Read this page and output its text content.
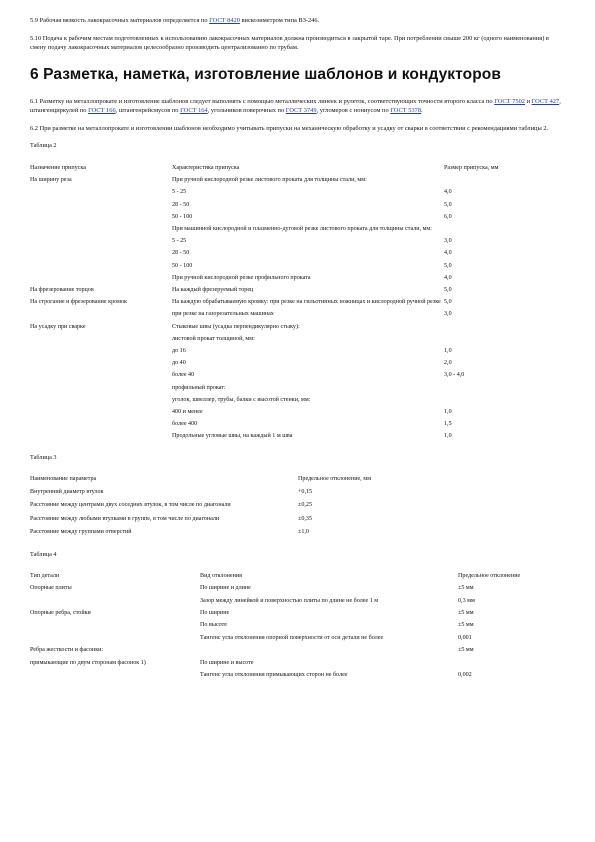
5.9 Рабочая вязкость лакокрасочных материалов определяется по ГОСТ 8420 вискозиметром типа ВЗ-246.

5.10 Подача к рабочим местам подготовленных к использованию лакокрасочных материалов должна производиться в закрытой таре. При потреблении свыше 200 кг (одного наименования) в смену подачу лакокрасочных материалов целесообразно производить централизованно по трубам.

6 Разметка, наметка, изготовление шаблонов и кондукторов

6.1 Разметку на металлопрокате и изготовление шаблонов следует выполнять с помощью металлических линеек и рулеток, соответствующих точности второго класса по ГОСТ 7502 и ГОСТ 427, штангенциркулей по ГОСТ 166, штангенрейсмусов по ГОСТ 164, угольников поверочных по ГОСТ 3749, угломеров с нониусом по ГОСТ 5378.

6.2 При разметке на металлопрокате и изготовлении шаблонов необходимо учитывать припуски на механическую обработку и усадку от сварки в соответствии с рекомендациями таблицы 2.

Таблица 2
Назначение припуска	Характеристика припуска	Размер припуска, мм
На ширину реза	При ручной кислородной резке листового проката для толщины стали, мм:	
	5 - 25	4,0
	28 - 50	5,0
	50 - 100	6,0
	При машинной кислородной и плазменно-дуговой резке листового проката для толщины стали, мм:	
	5 - 25	3,0
	28 - 50	4,0
	50 - 100	5,0
	При ручной кислородной резке профильного проката	4,0
На фрезерование торцов	На каждый фрезеруемый торец	5,0
На строгание и фрезерование кромок	На каждую обрабатываемую кромку: при резке на гильотинных ножницах и кислородной ручной резке	5,0
	при резке на газорезательных машинах	3,0
На усадку при сварке	Стыковые швы (усадка перпендикулярно стыку):	
	листовой прокат толщиной, мм:	
	до 16	1,0
	до 40	2,0
	более 40	3,0 - 4,0
	профильный прокат:	
	уголок, швеллер, трубы, балки с высотой стенки, мм:	
	400 и менее	1,0
	более 400	1,5
	Продольные угловые швы, на каждый 1 м шва	1,0
Таблица 3
Наименование параметра	Предельное отклонение, мм
Внутренний диаметр втулок	+0,15
Расстояние между центрами двух соседних втулок, в том числе по диагонали	±0,25
Расстояние между любыми втулками в группе, в том числе по диагонали	±0,35
Расстояние между группами отверстий	±1,0
Таблица 4
Тип детали	Вид отклонения	Предельное отклонение
Опорные плиты	По ширине и длине	±5 мм
	Зазор между линейкой и поверхностью плиты по длине не более 1 м	0,3 мм
Опорные ребра, стойки	По ширине	±5 мм
	По высоте	±5 мм
	Тангенс угла отклонения опорной поверхности от оси детали не более	0,001
Ребра жесткости и фасонки:		±5 мм
примыкающие по двум сторонам фасонок 1)	По ширине и высоте	
	Тангенс угла отклонения примыкающих сторон не более	0,002
